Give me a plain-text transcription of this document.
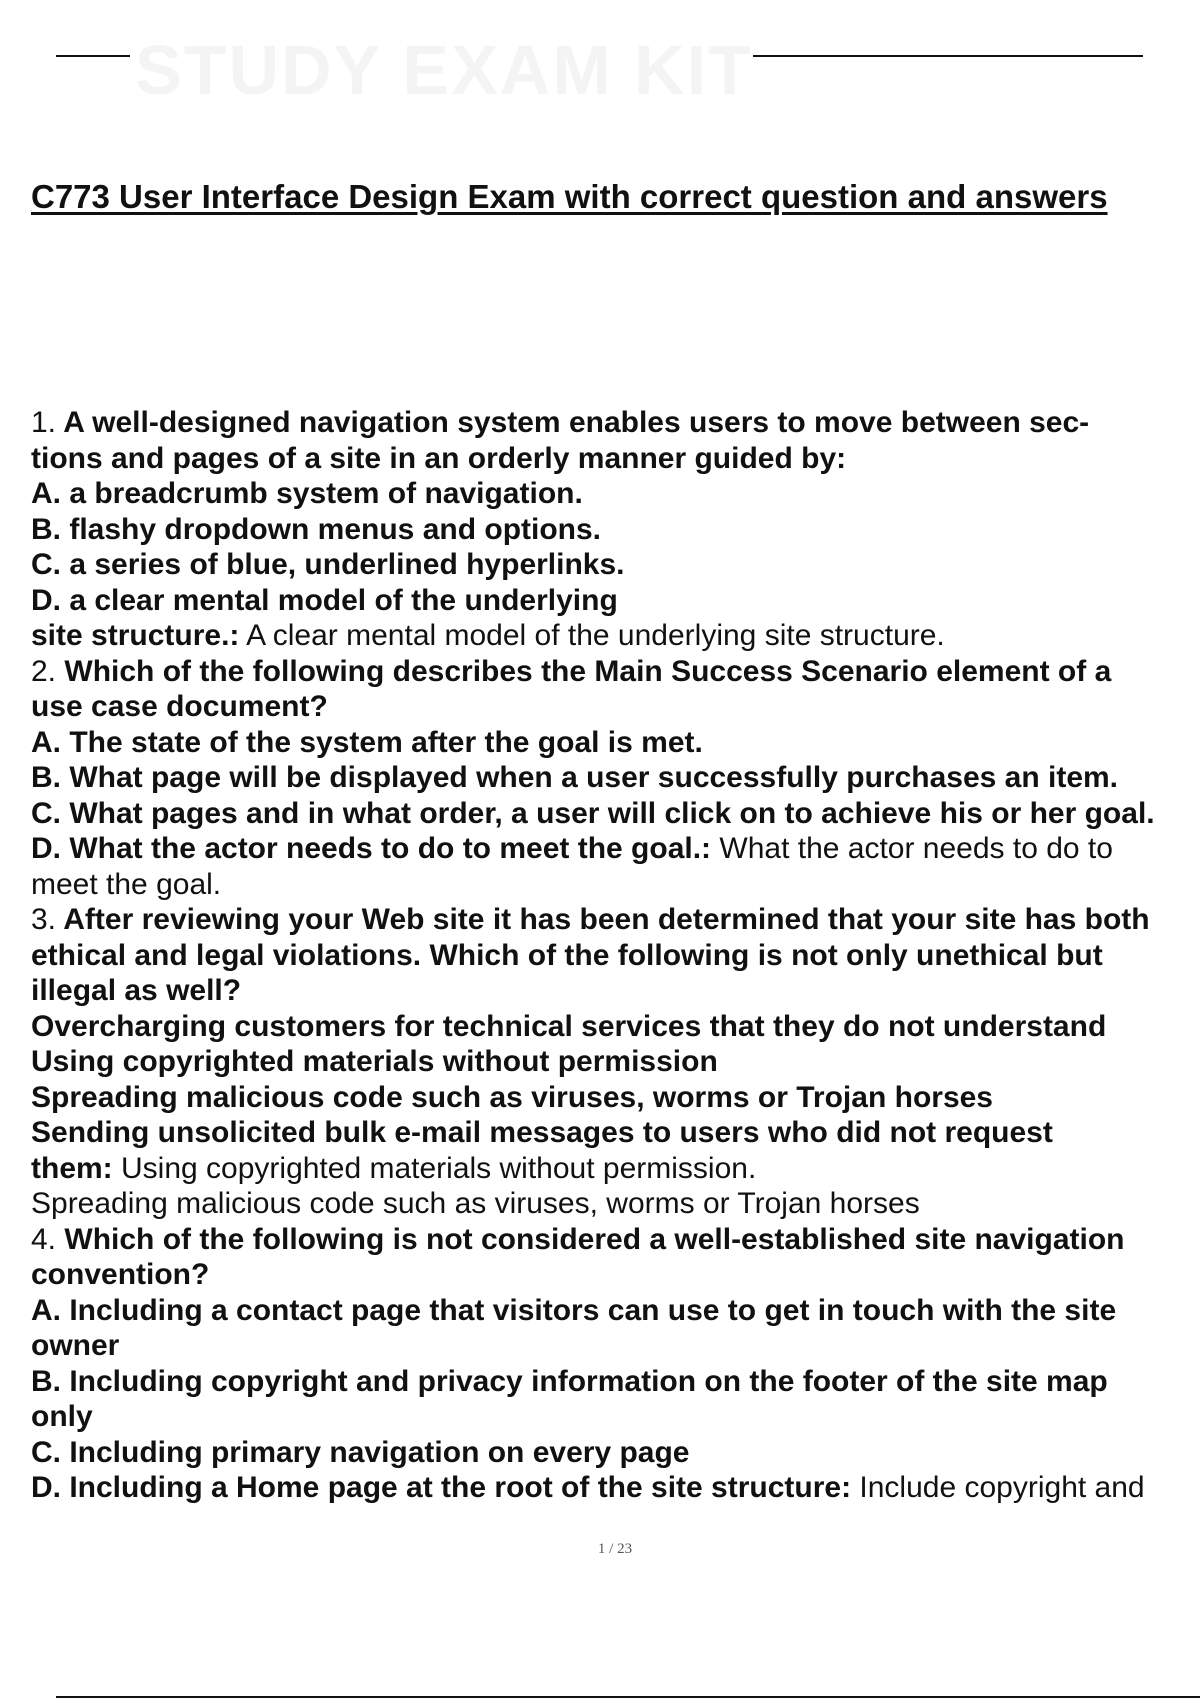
STUDY EXAM KIT
C773 User Interface Design Exam with correct question and answers
1. A well-designed navigation system enables users to move between sec-
tions and pages of a site in an orderly manner guided by:
A. a breadcrumb system of navigation.
B. flashy dropdown menus and options.
C. a series of blue, underlined hyperlinks.
D. a clear mental model of the underlying
site structure.: A clear mental model of the underlying site structure.
2. Which of the following describes the Main Success Scenario element of a
use case document?
A. The state of the system after the goal is met.
B. What page will be displayed when a user successfully purchases an item.
C. What pages and in what order, a user will click on to achieve his or her goal.
D. What the actor needs to do to meet the goal.: What the actor needs to do to
meet the goal.
3. After reviewing your Web site it has been determined that your site has both
ethical and legal violations. Which of the following is not only unethical but
illegal as well?
Overcharging customers for technical services that they do not understand
Using copyrighted materials without permission
Spreading malicious code such as viruses, worms or Trojan horses
Sending unsolicited bulk e-mail messages to users who did not request
them: Using copyrighted materials without permission.
Spreading malicious code such as viruses, worms or Trojan horses
4. Which of the following is not considered a well-established site navigation
convention?
A. Including a contact page that visitors can use to get in touch with the site
owner
B. Including copyright and privacy information on the footer of the site map
only
C. Including primary navigation on every page
D. Including a Home page at the root of the site structure: Include copyright and
1 / 23
